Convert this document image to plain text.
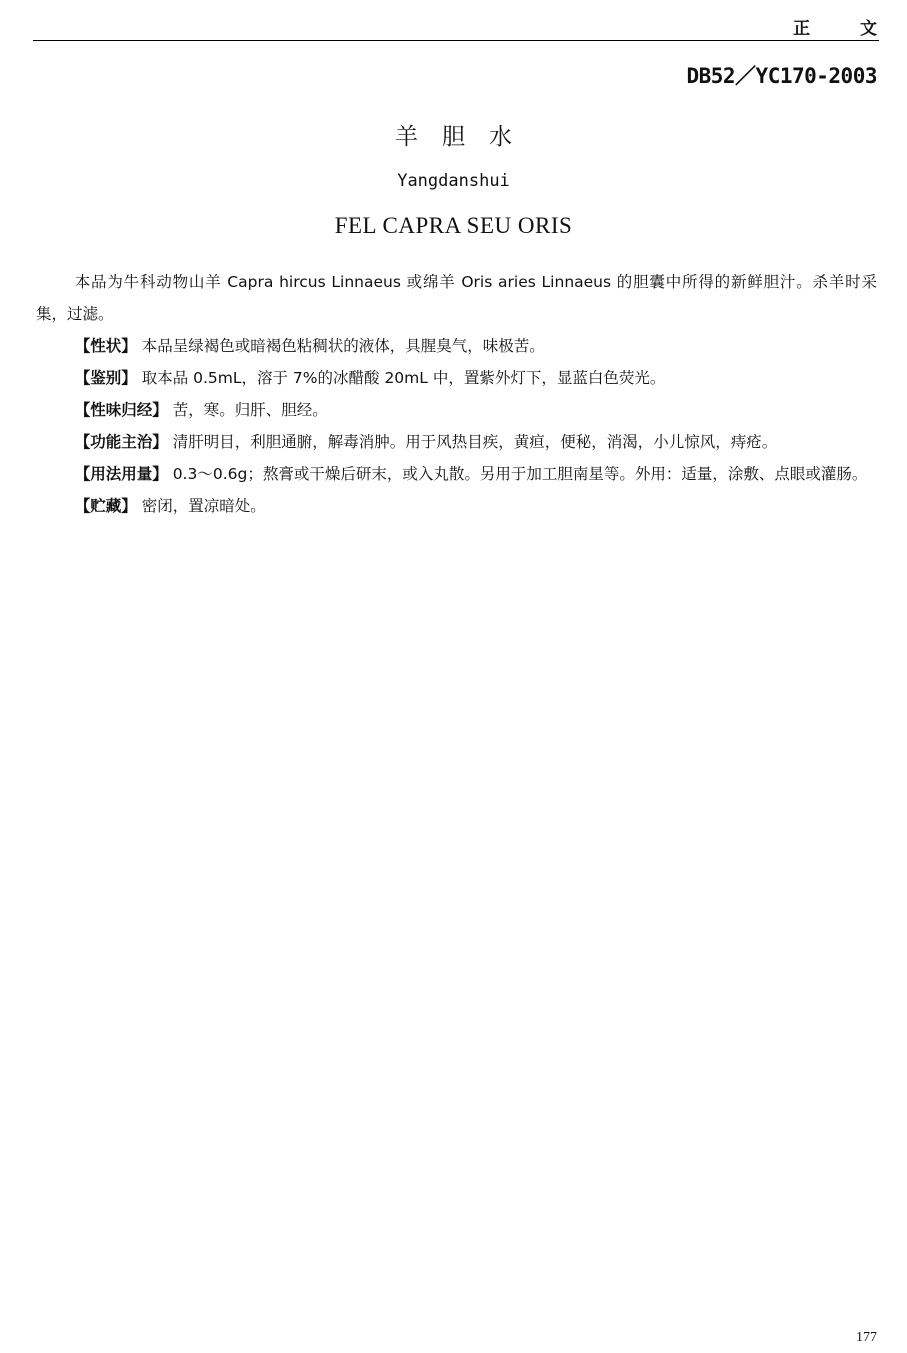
正 文
DB52／YC170-2003
羊胆水
Yangdanshui
FEL CAPRA SEU ORIS

本品为牛科动物山羊 Capra hircus Linnaeus 或绵羊 Oris aries Linnaeus 的胆囊中所得的新鲜胆汁。杀羊时采集，过滤。

【性状】 本品呈绿褐色或暗褐色粘稠状的液体，具腥臭气，味极苦。

【鉴别】 取本品 0.5mL，溶于 7%的冰醋酸 20mL 中，置紫外灯下，显蓝白色荧光。

【性味归经】 苦，寒。归肝、胆经。

【功能主治】 清肝明目，利胆通腑，解毒消肿。用于风热目疾，黄疸，便秘，消渴，小儿惊风，痔疮。

【用法用量】 0.3～0.6g；熬膏或干燥后研末，或入丸散。另用于加工胆南星等。外用：适量，涂敷、点眼或灌肠。

【贮藏】 密闭，置凉暗处。

177
